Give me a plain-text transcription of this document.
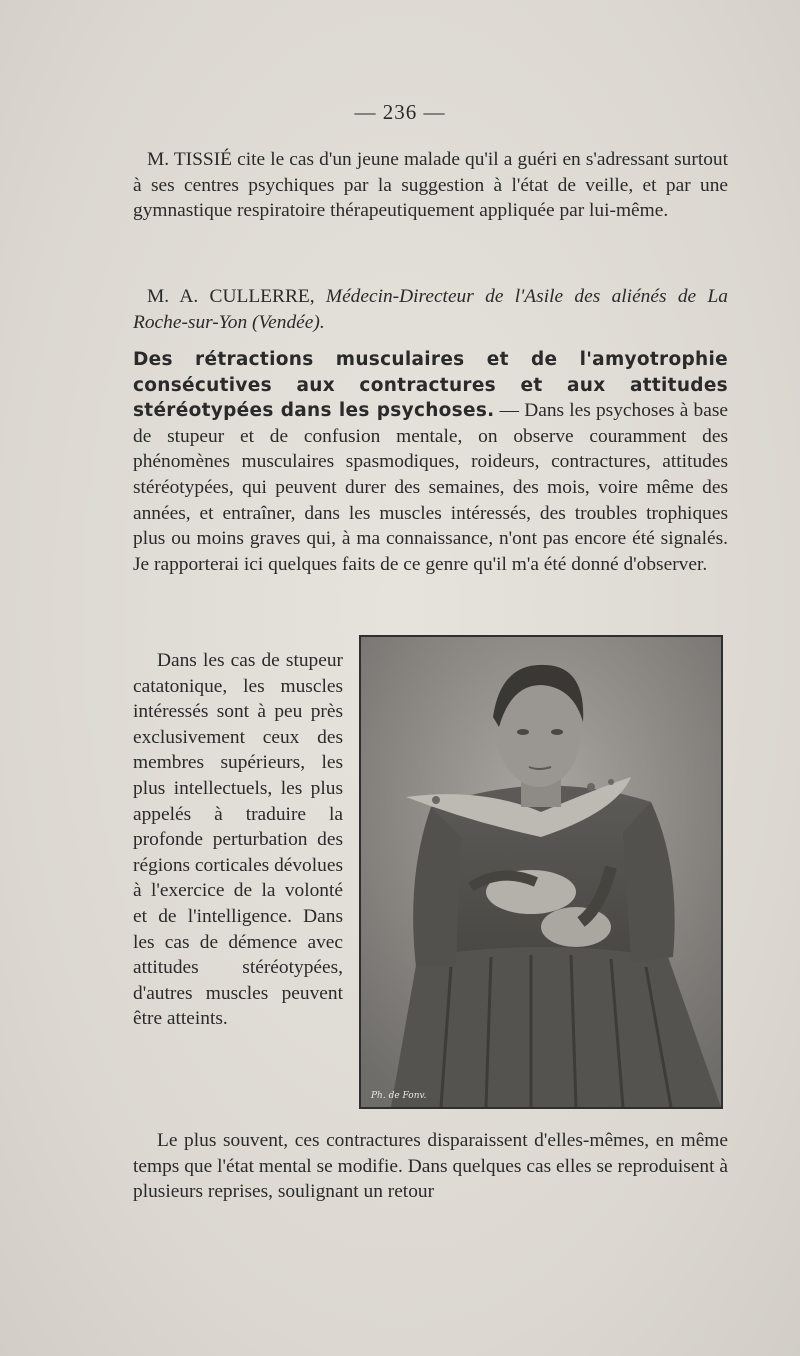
— 236 —

M. TISSIÉ cite le cas d'un jeune malade qu'il a guéri en s'adressant surtout à ses centres psychiques par la suggestion à l'état de veille, et par une gymnastique respiratoire thérapeutiquement appliquée par lui-même.

M. A. CULLERRE, Médecin-Directeur de l'Asile des aliénés de La Roche-sur-Yon (Vendée).

Des rétractions musculaires et de l'amyotrophie consécutives aux contractures et aux attitudes stéréotypées dans les psychoses. — Dans les psychoses à base de stupeur et de confusion mentale, on observe couramment des phénomènes musculaires spasmodiques, roideurs, contractures, attitudes stéréotypées, qui peuvent durer des semaines, des mois, voire même des années, et entraîner, dans les muscles intéressés, des troubles trophiques plus ou moins graves qui, à ma connaissance, n'ont pas encore été signalés. Je rapporterai ici quelques faits de ce genre qu'il m'a été donné d'observer.

Dans les cas de stupeur catatonique, les muscles intéressés sont à peu près exclusivement ceux des membres supérieurs, les plus intellectuels, les plus appelés à traduire la profonde perturbation des régions corticales dévolues à l'exercice de la volonté et de l'intelligence. Dans les cas de démence avec attitudes stéréotypées, d'autres muscles peuvent être atteints.

Ph. de Fonv.

Le plus souvent, ces contractures disparaissent d'elles-mêmes, en même temps que l'état mental se modifie. Dans quelques cas elles se reproduisent à plusieurs reprises, soulignant un retour
